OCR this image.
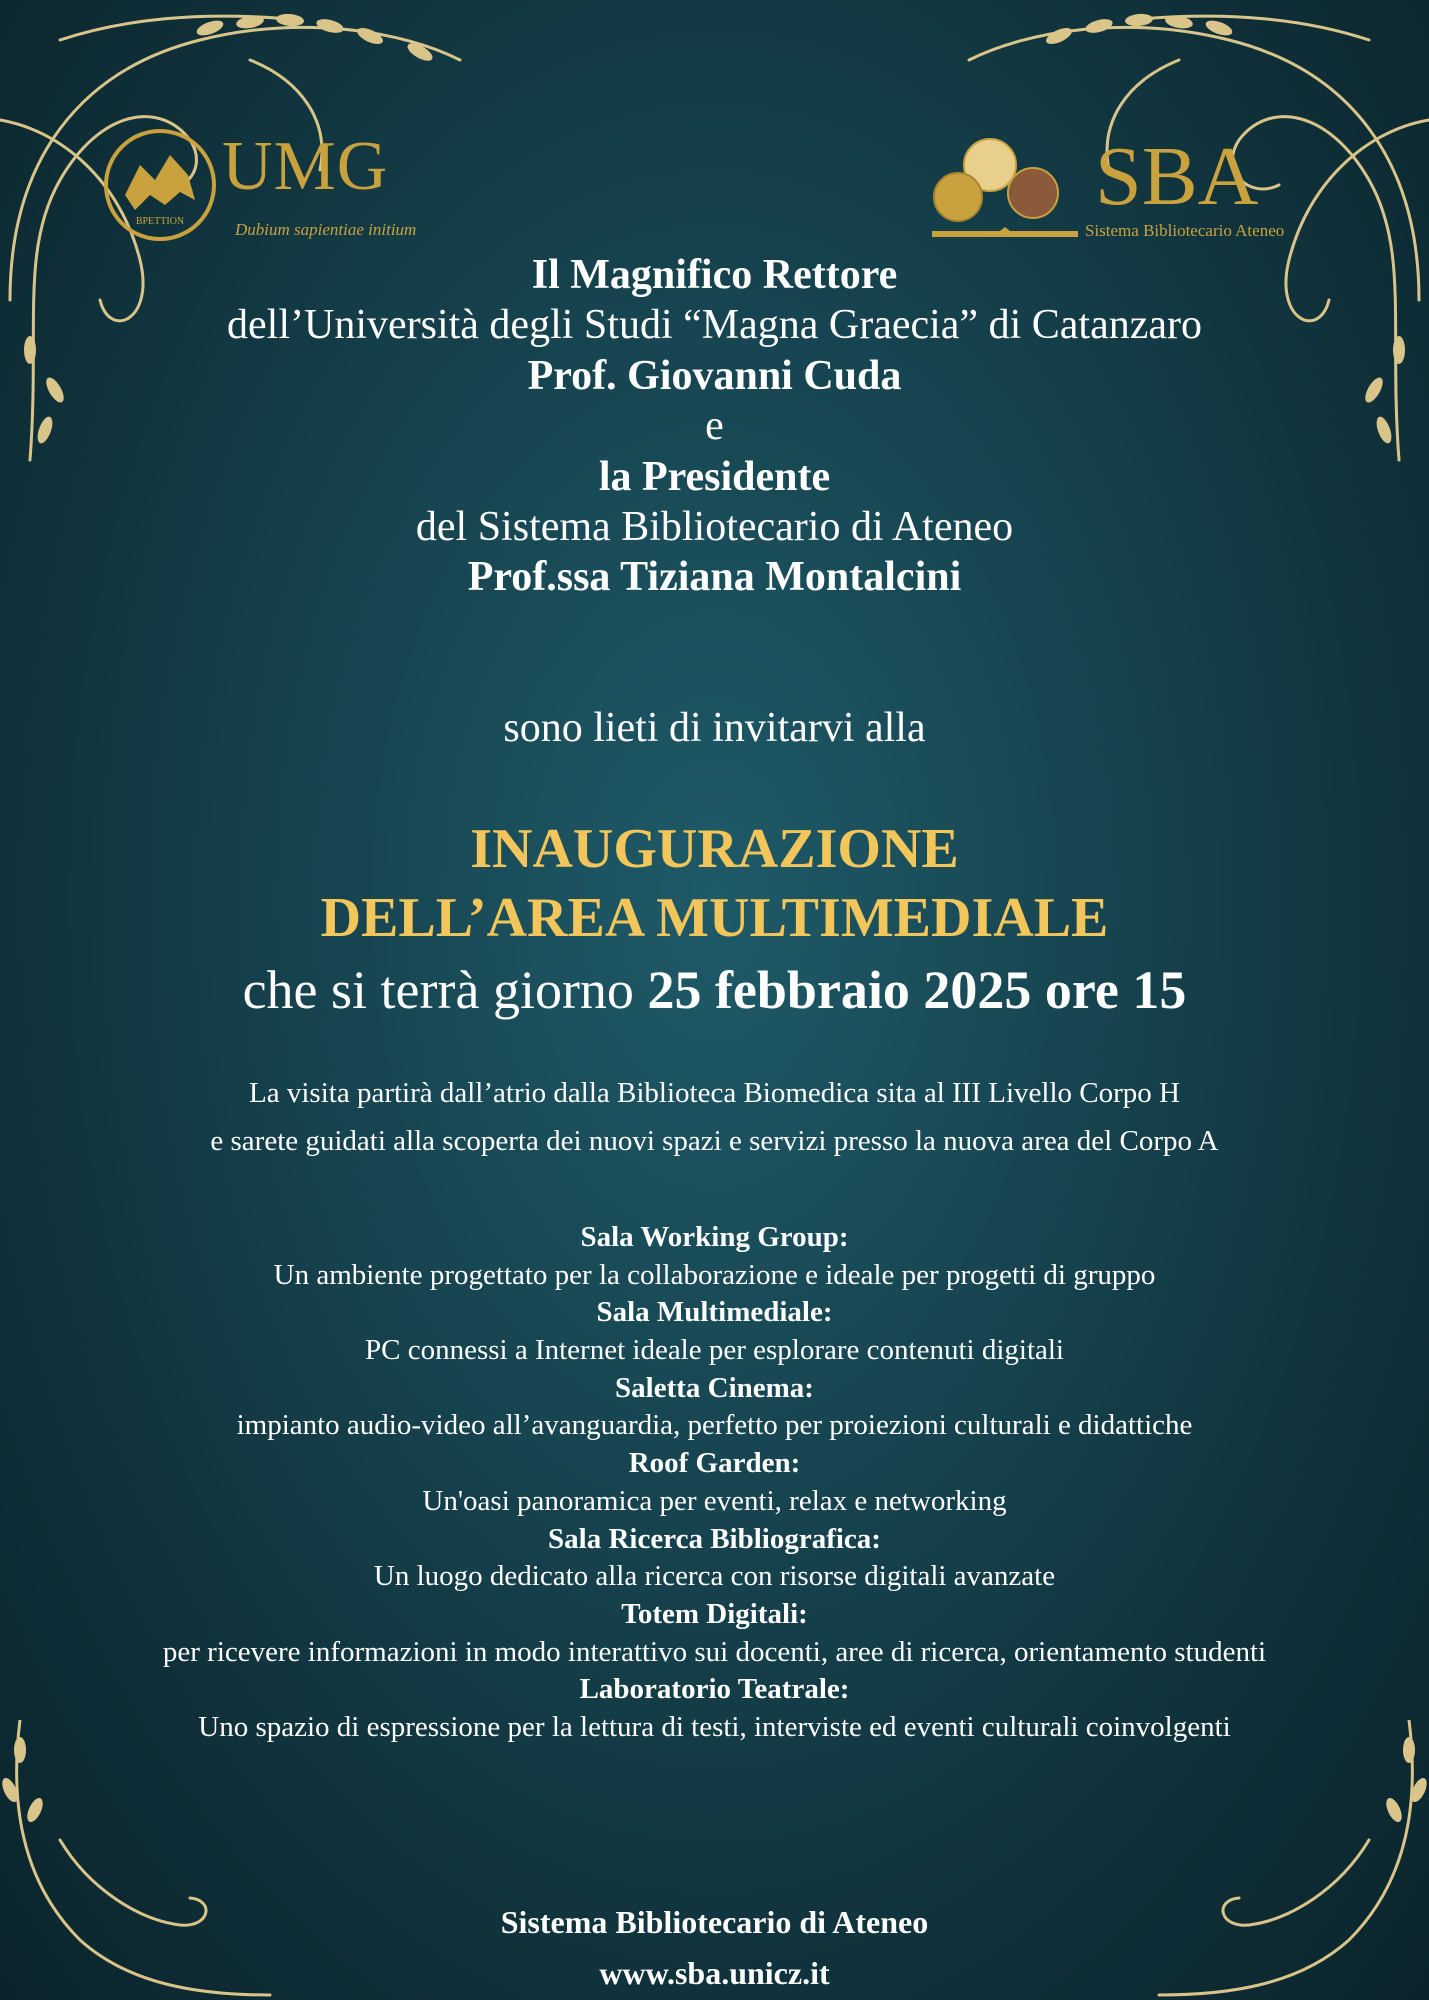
BPETTION
UMG
Dubium sapientiae initium
SBA
Sistema Bibliotecario Ateneo
Il Magnifico Rettore
dell’Università degli Studi “Magna Graecia” di Catanzaro
Prof. Giovanni Cuda
e
la Presidente
del Sistema Bibliotecario di Ateneo
Prof.ssa Tiziana Montalcini
sono lieti di invitarvi alla
INAUGURAZIONE
DELL’AREA MULTIMEDIALE
che si terrà giorno 25 febbraio 2025 ore 15
La visita partirà dall’atrio dalla Biblioteca Biomedica sita al III Livello Corpo H
e sarete guidati alla scoperta dei nuovi spazi e servizi presso la nuova area del Corpo A
Sala Working Group:
Un ambiente progettato per la collaborazione e ideale per progetti di gruppo
Sala Multimediale:
PC connessi a Internet ideale per esplorare contenuti digitali
Saletta Cinema:
impianto audio-video all’avanguardia, perfetto per proiezioni culturali e didattiche
Roof Garden:
Un'oasi panoramica per eventi, relax e networking
Sala Ricerca Bibliografica:
Un luogo dedicato alla ricerca con risorse digitali avanzate
Totem Digitali:
per ricevere informazioni in modo interattivo sui docenti, aree di ricerca, orientamento studenti
Laboratorio Teatrale:
Uno spazio di espressione per la lettura di testi, interviste ed eventi culturali coinvolgenti
Sistema Bibliotecario di Ateneo
www.sba.unicz.it
